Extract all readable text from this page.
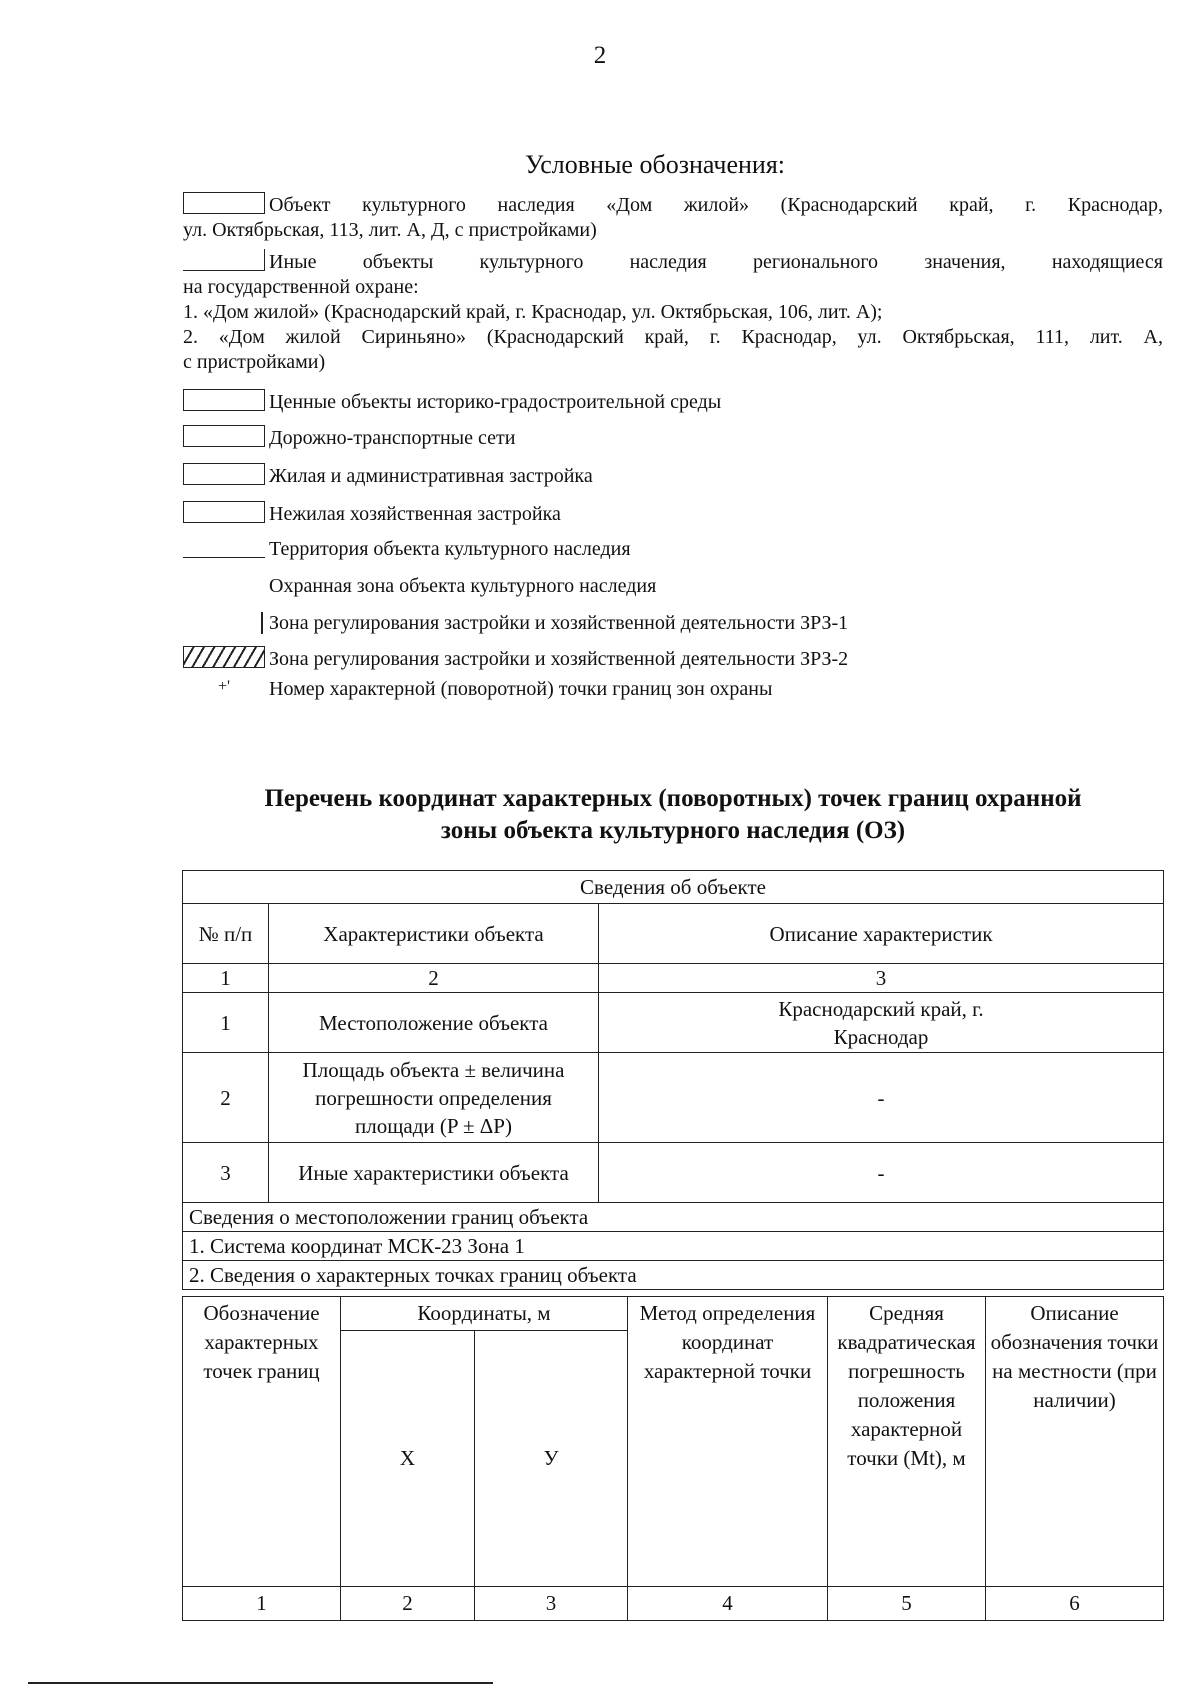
2
Условные обозначения:
Объект культурного наследия «Дом жилой» (Краснодарский край, г. Краснодар,
ул. Октябрьская, 113, лит. А, Д, с пристройками)
Иные объекты культурного наследия регионального значения, находящиеся
на государственной охране:
1. «Дом жилой» (Краснодарский край, г. Краснодар, ул. Октябрьская, 106, лит. А);
2. «Дом жилой Сириньяно» (Краснодарский край, г. Краснодар, ул. Октябрьская, 111, лит. А,
с пристройками)
Ценные объекты историко-градостроительной среды
Дорожно-транспортные сети
Жилая и административная застройка
Нежилая хозяйственная застройка
Территория объекта культурного наследия
Охранная зона объекта культурного наследия
Зона регулирования застройки и хозяйственной деятельности ЗРЗ-1
Зона регулирования застройки и хозяйственной деятельности ЗРЗ-2
+' Номер характерной (поворотной) точки границ зон охраны
Перечень координат характерных (поворотных) точек границ охранной
зоны объекта культурного наследия (ОЗ)
Сведения об объекте		
№ п/п	Характеристики объекта	Описание характеристик
1	2	3
1	Местоположение объекта	Краснодарский край, г. Краснодар
2	Площадь объекта ± величина погрешности определения площади (P ± ΔP)	-
3	Иные характеристики объекта	-
Сведения о местоположении границ объекта		
1. Система координат МСК-23 Зона 1		
2. Сведения о характерных точках границ объекта		
Обозначение характерных точек границ	Координаты, м		Метод определения координат характерной точки	Средняя квадратическая погрешность положения характерной точки (Mt), м	Описание обозначения точки на местности (при наличии)
	X	У			
1	2	3	4	5	6
